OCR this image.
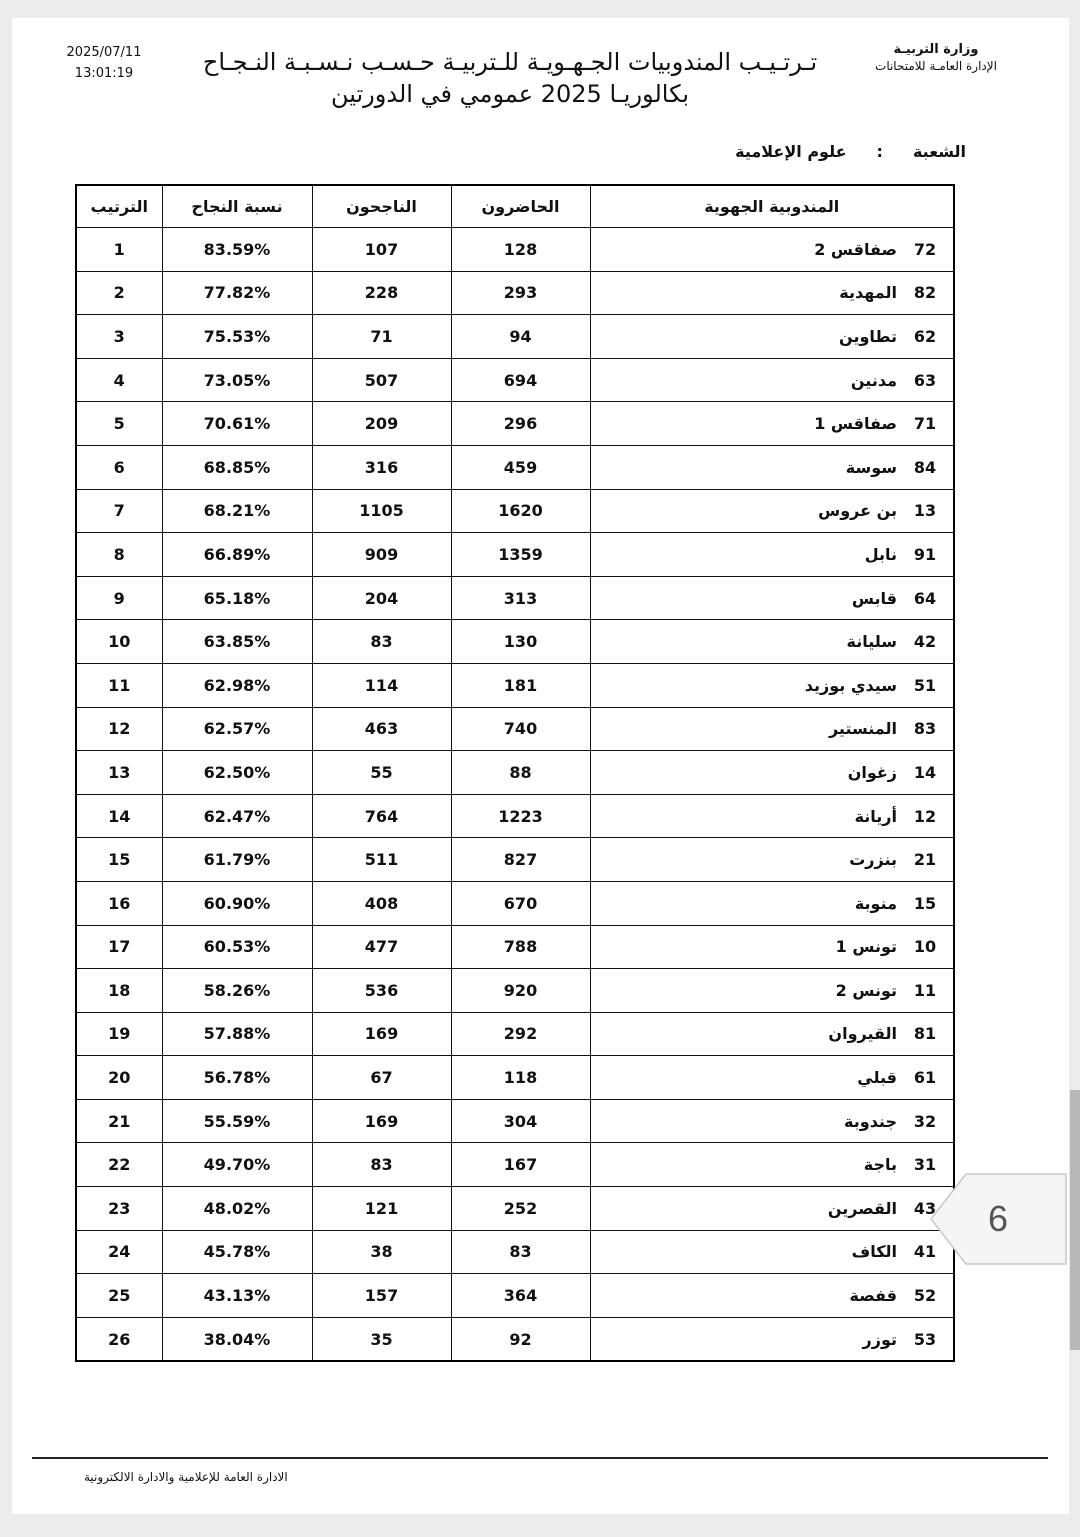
وزارة التربيـة
الإدارة العامـة للامتحانات
2025/07/11
13:01:19	تـرتـيـب المندوبيات الجـهـويـة للـتربيـة حـسـب نـسـبـة النـجـاح
بكالوريـا 2025 عمومي في الدورتين
الشعبة
:
علوم الإعلامية
المندوبية الجهوية	الحاضرون	الناجحون	نسبة النجاح	الترتيب
72صفاقس 2	128	107	83.59%	1
82المهدية	293	228	77.82%	2
62تطاوين	94	71	75.53%	3
63مدنين	694	507	73.05%	4
71صفاقس 1	296	209	70.61%	5
84سوسة	459	316	68.85%	6
13بن عروس	1620	1105	68.21%	7
91نابل	1359	909	66.89%	8
64قابس	313	204	65.18%	9
42سليانة	130	83	63.85%	10
51سيدي بوزيد	181	114	62.98%	11
83المنستير	740	463	62.57%	12
14زغوان	88	55	62.50%	13
12أريانة	1223	764	62.47%	14
21بنزرت	827	511	61.79%	15
15منوبة	670	408	60.90%	16
10تونس 1	788	477	60.53%	17
11تونس 2	920	536	58.26%	18
81القيروان	292	169	57.88%	19
61قبلي	118	67	56.78%	20
32جندوبة	304	169	55.59%	21
31باجة	167	83	49.70%	22
43القصرين	252	121	48.02%	23
41الكاف	83	38	45.78%	24
52قفصة	364	157	43.13%	25
53توزر	92	35	38.04%	26
6
الادارة العامة للإعلامية والادارة الالكترونية
